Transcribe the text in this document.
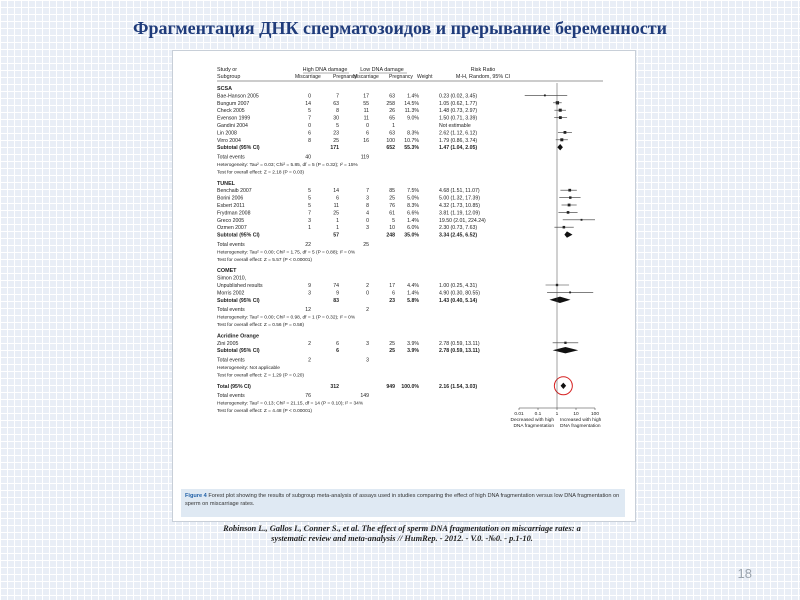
Фрагментация ДНК сперматозоидов и прерывание беременности
Study or
Subgroup
High DNA damage Low DNA damage
Miscarriage Pregnancy
Miscarriage Pregnancy Weight
Risk Ratio
M-H, Random, 95% CI
SCSA
Bae-Hanson 2005	0	7	17	63 1.4%	0.23 (0.02, 3.45)
Bungum 2007	14	63	55	258 14.5%	1.05 (0.62, 1.77)
Check 2005	5	8	11	26 11.3%	1.48 (0.73, 2.97)
Evenson 1999	7	30	11	65 9.0%	1.50 (0.71, 3.39)
Gandini 2004	0	5	0	1	Not estimable
Lin 2008	6	23	6	63 8.3%	2.62 (1.12, 6.12)
Virro 2004	8	25	16	100 10.7%	1.79 (0.86, 3.74)
Subtotal (95% CI)	171	652 55.3%	1.47 (1.04, 2.05)
Total events	40	119
Heterogeneity: Tau² = 0.03; Chi² = 5.85, df = 5 (P = 0.32); I² = 15%
Test for overall effect: Z = 2.18 (P = 0.03)
TUNEL
Benchaib 2007	5	14	7	85 7.5%	4.68 (1.51, 11.07)
Borini 2006	5	6	3	25 5.0%	5.00 (1.32, 17.39)
Esbert 2011	5	11	8	76 8.3%	4.32 (1.73, 10.85)
Frydman 2008	7	25	4	61 6.6%	3.81 (1.19, 12.09)
Greco 2005	3	1	0	5 1.4%	19.50 (2.01, 224.24)
Ozmen 2007	1	1	3	10 6.0%	2.30 (0.73, 7.63)
Subtotal (95% CI)	57	248 35.0%	3.34 (2.45, 6.52)
Total events	22	25
Heterogeneity: Tau² = 0.00; Chi² = 1.75, df = 5 (P = 0.88); I² = 0%
Test for overall effect: Z = 5.57 (P < 0.00001)
COMET
Simon 2010,
Unpublished results	9	74	2	17 4.4%	1.00 (0.25, 4.31)
Morris 2002	3	9	0	6 1.4%	4.90 (0.30, 80.55)
Subtotal (95% CI)	83	23 5.8%	1.43 (0.40, 5.14)
Total events	12	2
Heterogeneity: Tau² = 0.00; Chi² = 0.98, df = 1 (P = 0.32); I² = 0%
Test for overall effect: Z = 0.56 (P = 0.58)
Acridine Orange
Zini 2005	2	6	3	25 3.9%	2.78 (0.59, 13.11)
Subtotal (95% CI)	6	25 3.9%	2.78 (0.59, 13.11)
Total events	2	3
Heterogeneity: Not applicable
Test for overall effect: Z = 1.29 (P = 0.20)
Total (95% CI)	312	949 100.0%	2.16 (1.54, 3.03)
Total events	76	149
Heterogeneity: Tau² = 0.13; Chi² = 21.15, df = 14 (P = 0.10); I² = 34%
Test for overall effect: Z = 4.48 (P < 0.00001)
0.01 0.1	1	10	100
Decreased with high
DNA fragmentation
Increased with high
DNA fragmentation
Figure 4 Forest plot showing the results of subgroup meta-analysis of assays used in studies comparing the effect of high DNA fragmentation versus low DNA fragmentation on sperm on miscarriage rates.
Robinson L., Gallos I., Conner S., et al. The effect of sperm DNA fragmentation on miscarriage rates: a
systematic review and meta-analysis // HumRep. - 2012. - V.0. -№0. - p.1-10.
18
